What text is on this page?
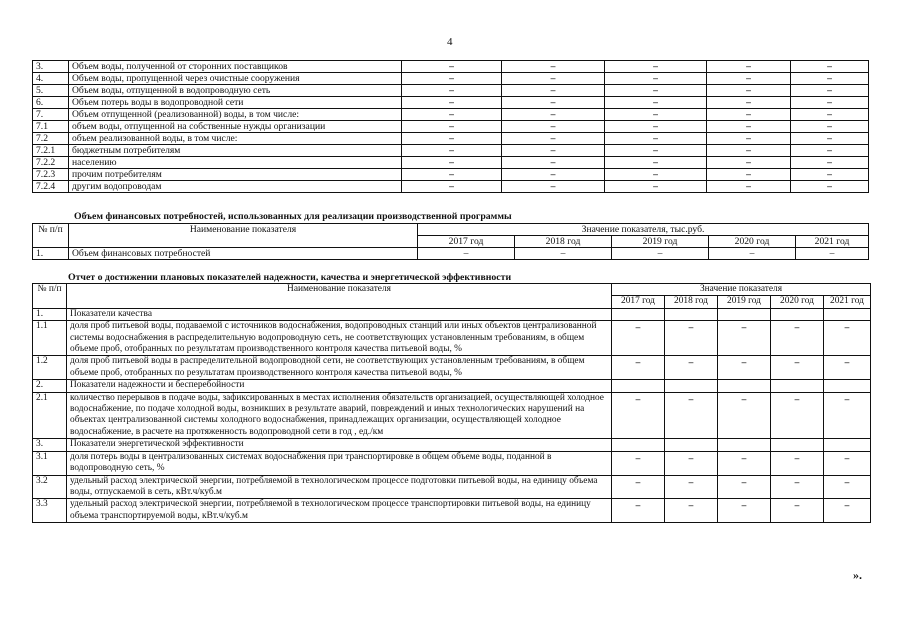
4
3.	Объем воды, полученной от сторонних поставщиков	–	–	–	–	–
4.	Объем воды, пропущенной через очистные сооружения	–	–	–	–	–
5.	Объем воды, отпущенной в водопроводную сеть	–	–	–	–	–
6.	Объем потерь воды в водопроводной сети	–	–	–	–	–
7.	Объем отпущенной (реализованной) воды, в том числе:	–	–	–	–	–
7.1	объем воды, отпущенной на собственные нужды организации	–	–	–	–	–
7.2	объем реализованной воды, в том числе:	–	–	–	–	–
7.2.1	бюджетным потребителям	–	–	–	–	–
7.2.2	населению	–	–	–	–	–
7.2.3	прочим потребителям	–	–	–	–	–
7.2.4	другим водопроводам	–	–	–	–	–
Объем финансовых потребностей, использованных для реализации производственной программы
№ п/п	Наименование показателя	Значение показателя, тыс.руб.				
		2017 год	2018 год	2019 год	2020 год	2021 год
1.	Объем финансовых потребностей	–	–	–	–	–
Отчет о достижении плановых показателей надежности, качества и энергетической эффективности
№ п/п	Наименование показателя	Значение показателя				
		2017 год	2018 год	2019 год	2020 год	2021 год
1.	Показатели качества					
1.1	доля проб питьевой воды, подаваемой с источников водоснабжения, водопроводных станций или иных объектов централизованной системы водоснабжения в распределительную водопроводную сеть, не соответствующих установленным требованиям, в общем объеме проб, отобранных по результатам производственного контроля качества питьевой воды, %	–	–	–	–	–
1.2	доля проб питьевой воды в распределительной водопроводной сети, не соответствующих установленным требованиям, в общем объеме проб, отобранных по результатам производственного контроля качества питьевой воды, %	–	–	–	–	–
2.	Показатели надежности и бесперебойности					
2.1	количество перерывов в подаче воды, зафиксированных в местах исполнения обязательств организацией, осуществляющей холодное водоснабжение, по подаче холодной воды, возникших в результате аварий, повреждений и иных технологических нарушений на объектах централизованной системы холодного водоснабжения, принадлежащих организации, осуществляющей холодное водоснабжение, в расчете на протяженность водопроводной сети в год , ед./км	–	–	–	–	–
3.	Показатели энергетической эффективности					
3.1	доля потерь воды в централизованных системах водоснабжения при транспортировке в общем объеме воды, поданной в водопроводную сеть, %	–	–	–	–	–
3.2	удельный расход электрической энергии, потребляемой в технологическом процессе подготовки питьевой воды, на единицу объема воды, отпускаемой в сеть, кВт.ч/куб.м	–	–	–	–	–
3.3	удельный расход электрической энергии, потребляемой в технологическом процессе транспортировки питьевой воды, на единицу объема транспортируемой воды, кВт.ч/куб.м	–	–	–	–	–
».
